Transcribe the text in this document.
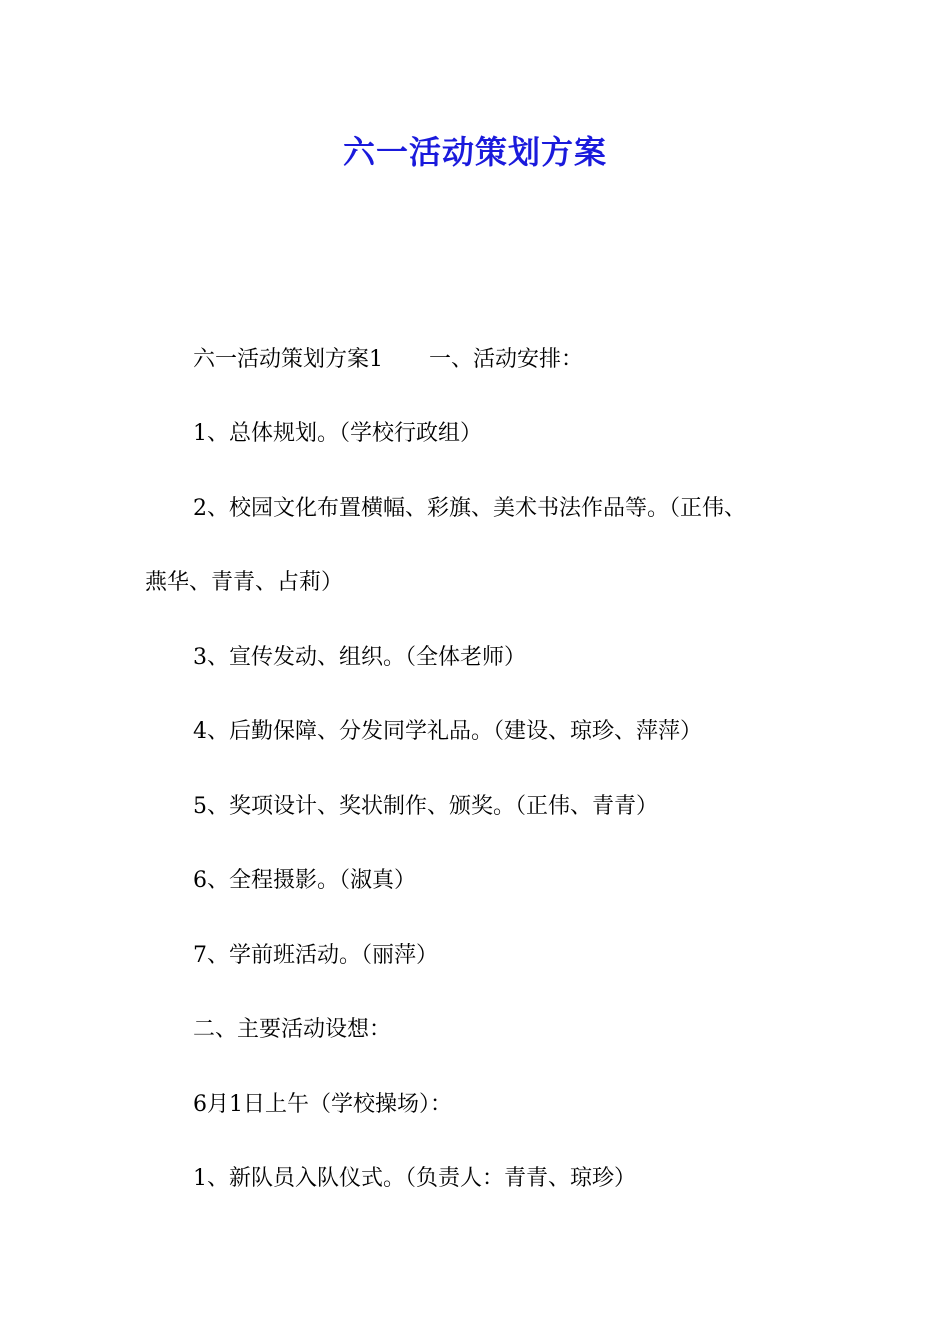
六一活动策划方案
六一活动策划方案1 一、活动安排：
1、总体规划。（学校行政组）
2、校园文化布置横幅、彩旗、美术书法作品等。（正伟、
燕华、青青、占莉）
3、宣传发动、组织。（全体老师）
4、后勤保障、分发同学礼品。（建设、琼珍、萍萍）
5、奖项设计、奖状制作、颁奖。（正伟、青青）
6、全程摄影。（淑真）
7、学前班活动。（丽萍）
二、主要活动设想：
6月1日上午（学校操场）：
1、新队员入队仪式。（负责人：青青、琼珍）
